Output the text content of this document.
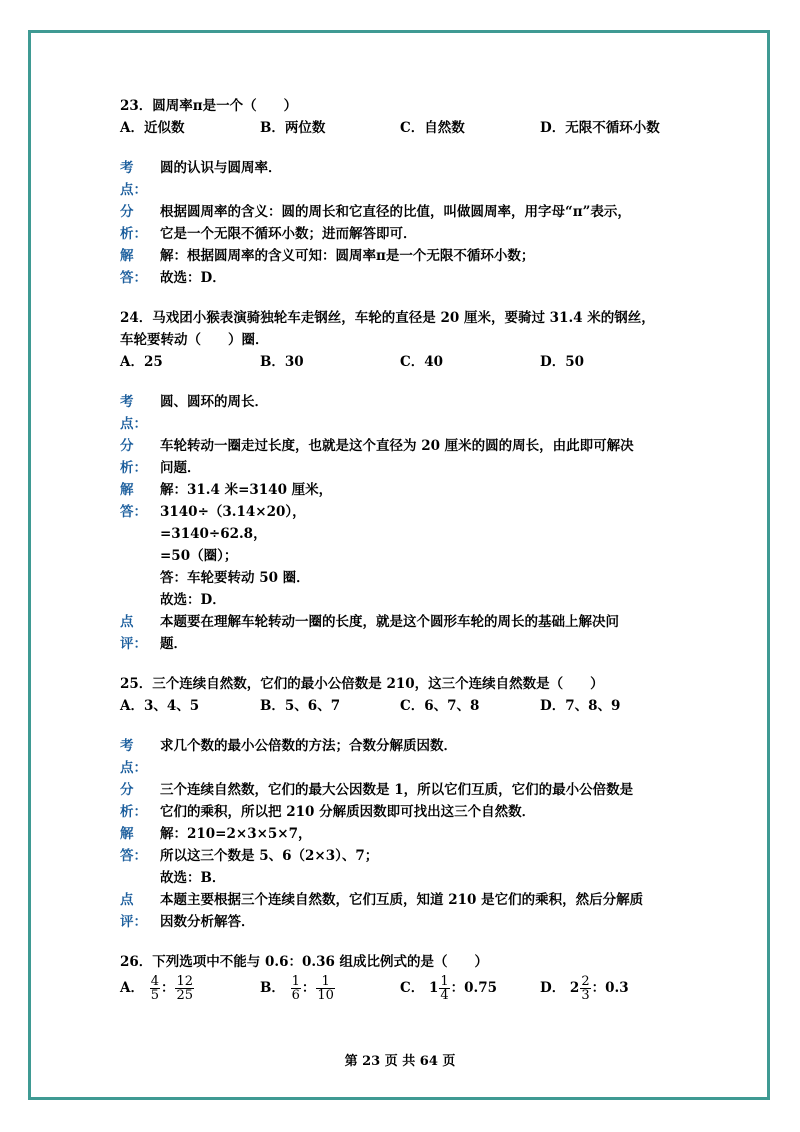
23．圆周率π是一个（　　）
A．近似数	B．两位数	C．自然数	D．无限不循环小数
考	圆的认识与圆周率．
点：
分	根据圆周率的含义：圆的周长和它直径的比值，叫做圆周率，用字母“π”表示，
析： 它是一个无限不循环小数；进而解答即可．
解	解：根据圆周率的含义可知：圆周率π是一个无限不循环小数；
答： 故选：D．
24．马戏团小猴表演骑独轮车走钢丝，车轮的直径是 20 厘米，要骑过 31.4 米的钢丝，
车轮要转动（　　）圈．
A．25	B．30	C．40	D．50
考	圆、圆环的周长．
点：
分	车轮转动一圈走过长度，也就是这个直径为 20 厘米的圆的周长，由此即可解决
析： 问题．
解	解：31.4 米=3140 厘米，
答： 3140÷（3.14×20），
=3140÷62.8，
=50（圈）；
答：车轮要转动 50 圈．
故选：D．
点	本题要在理解车轮转动一圈的长度，就是这个圆形车轮的周长的基础上解决问
评： 题．
25．三个连续自然数，它们的最小公倍数是 210，这三个连续自然数是（　　）
A．3、4、5	B．5、6、7	C．6、7、8	D．7、8、9
考	求几个数的最小公倍数的方法；合数分解质因数．
点：
分	三个连续自然数，它们的最大公因数是 1，所以它们互质，它们的最小公倍数是
析： 它们的乘积，所以把 210 分解质因数即可找出这三个自然数．
解	解：210=2×3×5×7，
答： 所以这三个数是 5、6（2×3）、7；
故选：B．
点	本题主要根据三个连续自然数，它们互质，知道 210 是它们的乘积，然后分解质
评： 因数分析解答．
26．下列选项中不能与 0.6：0.36 组成比例式的是（　　）
A． $\frac{4}{5}$ ： $\frac{12}{25}$	B． $\frac{1}{6}$ ： $\frac{1}{10}$	C． $1 \frac{1}{4}$ ：0.75	D． $2 \frac{2}{3}$ ：0.3
第 23 页 共 64 页
